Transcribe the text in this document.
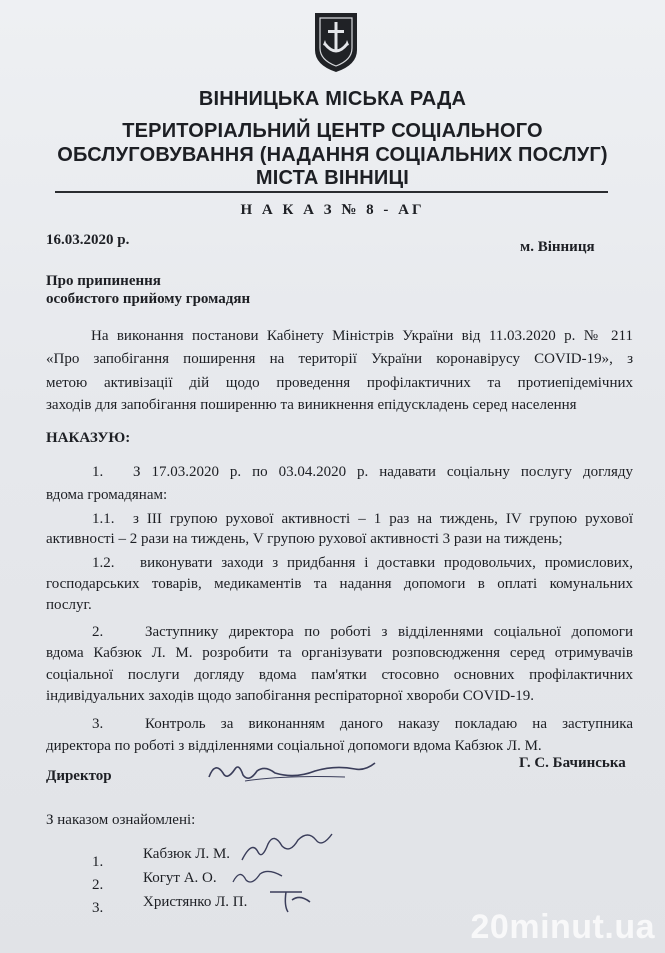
ВІННИЦЬКА МІСЬКА РАДА
ТЕРИТОРІАЛЬНИЙ ЦЕНТР СОЦІАЛЬНОГО
ОБСЛУГОВУВАННЯ (НАДАННЯ СОЦІАЛЬНИХ ПОСЛУГ)
МІСТА ВІННИЦІ
Н А К А З № 8 - АГ
16.03.2020 р.	м. Вінниця
Про припинення
особистого прийому громадян
На виконання постанови Кабінету Міністрів України від 11.03.2020 р. № 211
«Про запобігання поширення на території України коронавірусу COVID-19», з
метою активізації дій щодо проведення профілактичних та протиепідемічних
заходів для запобігання поширенню та виникнення епідускладень серед населення
НАКАЗУЮ:
1. З 17.03.2020 р. по 03.04.2020 р. надавати соціальну послугу догляду
вдома громадянам:
1.1. з ІІІ групою рухової активності – 1 раз на тиждень, IV групою рухової
активності – 2 рази на тиждень, V групою рухової активності 3 рази на тиждень;
1.2. виконувати заходи з придбання і доставки продовольчих, промислових,
господарських товарів, медикаментів та надання допомоги в оплаті комунальних
послуг.
2.	Заступнику директора по роботі з відділеннями соціальної допомоги
вдома Кабзюк Л. М. розробити та організувати розповсюдження серед отримувачів
соціальної послуги догляду вдома пам'ятки стосовно основних профілактичних
індивідуальних заходів щодо запобігання респіраторної хвороби COVID-19.
3.	Контроль за виконанням даного наказу покладаю на заступника
директора по роботі з відділеннями соціальної допомоги вдома Кабзюк Л. М.
Директор
Г. С. Бачинська
З наказом ознайомлені:
1.	Кабзюк Л. М.
2.	Когут А. О.
3.	Христянко Л. П.
20minut.ua
